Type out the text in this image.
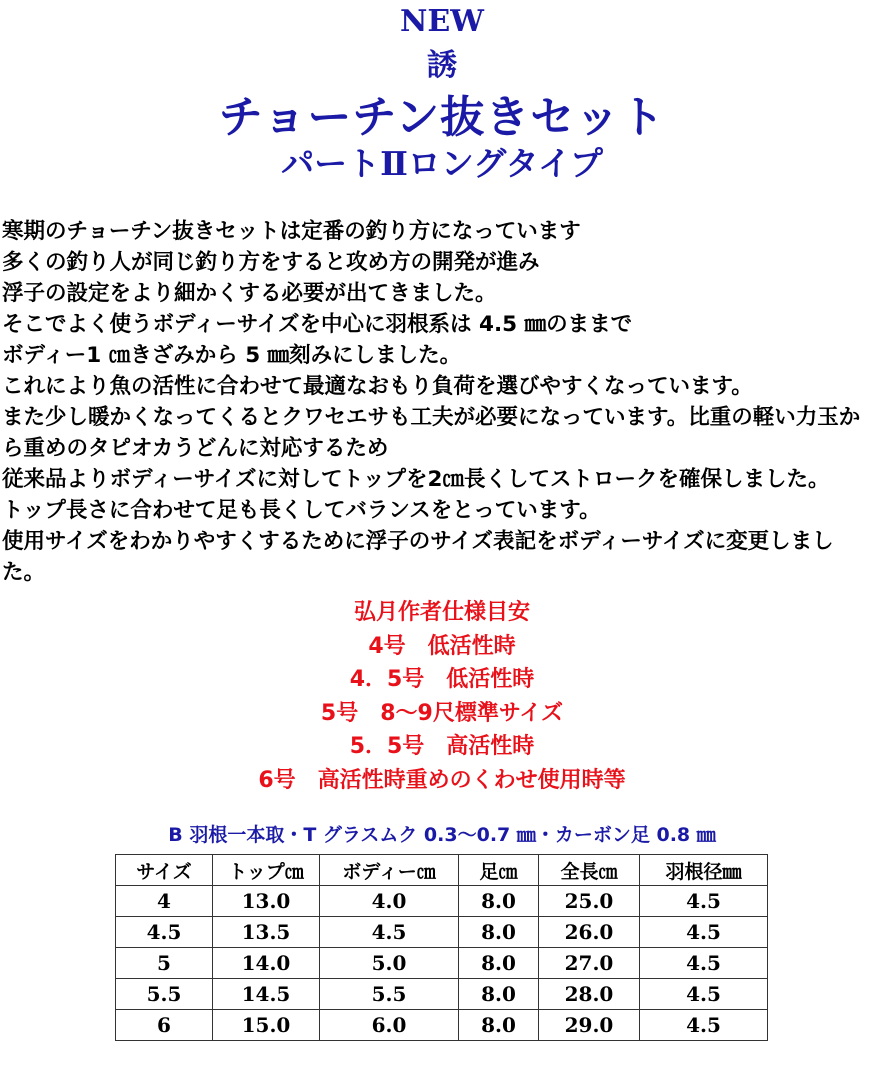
NEW
誘
チョーチン抜きセット
パートⅡロングタイプ

寒期のチョーチン抜きセットは定番の釣り方になっています

多くの釣り人が同じ釣り方をすると攻め方の開発が進み

浮子の設定をより細かくする必要が出てきました。

そこでよく使うボディーサイズを中心に羽根系は 4.5 ㎜のままで

ボディー1 ㎝きざみから 5 ㎜刻みにしました。

これにより魚の活性に合わせて最適なおもり負荷を選びやすくなっています。

また少し暖かくなってくるとクワセエサも工夫が必要になっています。比重の軽い力玉か

ら重めのタピオカうどんに対応するため

従来品よりボディーサイズに対してトップを2㎝長くしてストロークを確保しました。

トップ長さに合わせて足も長くしてバランスをとっています。

使用サイズをわかりやすくするために浮子のサイズ表記をボディーサイズに変更しまし

た。

弘月作者仕様目安

4号　低活性時

4．5号　低活性時

5号　8～9尺標準サイズ

5．5号　高活性時

6号　高活性時重めのくわせ使用時等

B 羽根一本取・T グラスムク 0.3～0.7 ㎜・カーボン足 0.8 ㎜
サイズ	トップ㎝	ボディー㎝	足㎝	全長㎝	羽根径㎜
4	13.0	4.0	8.0	25.0	4.5
4.5	13.5	4.5	8.0	26.0	4.5
5	14.0	5.0	8.0	27.0	4.5
5.5	14.5	5.5	8.0	28.0	4.5
6	15.0	6.0	8.0	29.0	4.5
